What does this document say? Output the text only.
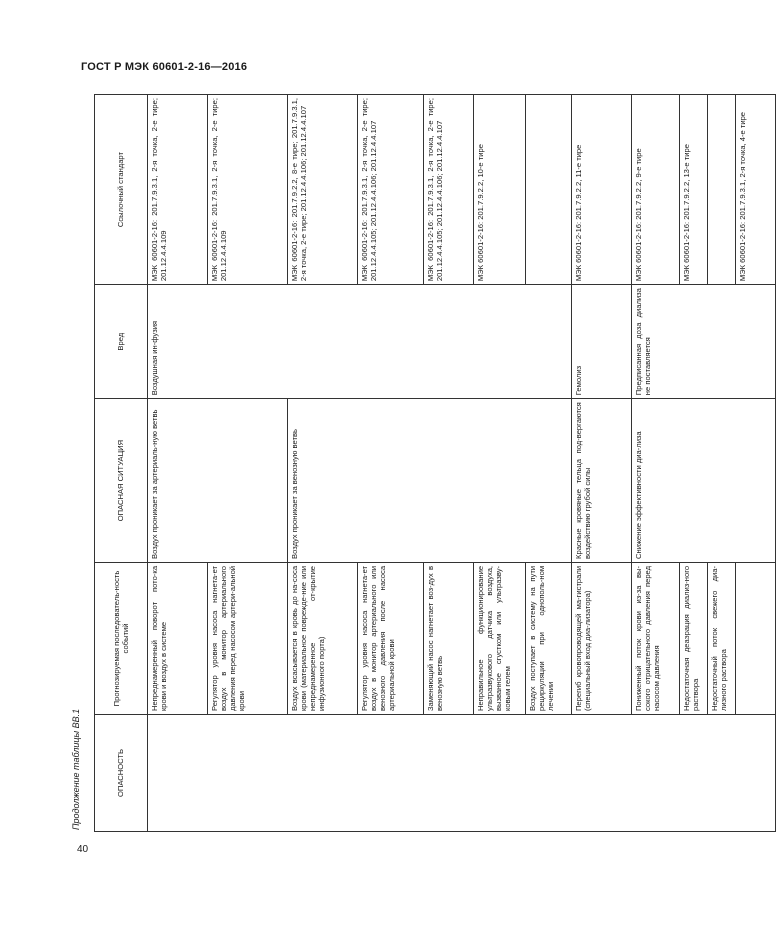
ГОСТ Р МЭК 60601-2-16—2016
Продолжение таблицы ВВ.1
40
ОПАСНОСТЬ	Прогнозируемая последователь-ность событий	ОПАСНАЯ СИТУАЦИЯ	Вред	Ссылочный стандарт
	Непреднамеренный поворот пото-ка крови и воздух в системе	Воздух проникает за артериаль-ную ветвь	Воздушная ин-фузия	МЭК 60601-2-16: 201.7.9.3.1, 2-я точка, 2-е тире; 201.12.4.4.109
	Регулятор уровня насоса нагнета-ет воздух в монитор артериального давления перед насосом артери-альной крови			МЭК 60601-2-16: 201.7.9.3.1, 2-я точка, 2-е тире; 201.12.4.4.109
	Воздух всасывается в кровь до на-соса крови (материальное поврежде-ние или непреднамеренное от-крытие инфузионного порта)	Воздух проникает за венозную ветвь		МЭК 60601-2-16: 201.7.9.2.2, 8-е тире; 201.7.9.3.1, 2-я точка, 2-е тире; 201.12.4.4.106; 201.12.4.4.107
	Регулятор уровня насоса нагнета-ет воздух в монитор артериального или венозного давления после насоса артериальной крови			МЭК 60601-2-16: 201.7.9.3.1, 2-я точка, 2-е тире; 201.12.4.4.105; 201.12.4.4.106; 201.12.4.4.107
	Заменяющий насос нагнетает воз-дух в венозную ветвь			МЭК 60601-2-16: 201.7.9.3.1, 2-я точка, 2-е тире; 201.12.4.4.105; 201.12.4.4.106; 201.12.4.4.107
	Неправильное функционирование ультразвукового датчика воздуха, вызванное сгустком или ультразву-ковым гелем			МЭК 60601-2-16: 201.7.9.2.2, 10-е тире
	Воздух поступает в систему на пути рециркуляции при однополь-ном лечении			
	Перегиб кровопроводящей ма-гистрали (специальный вход диа-лизатора)	Красные кровяные тельца под-вергаются воздействию грубой силы	Гемолиз	МЭК 60601-2-16: 201.7.9.2.2, 11-е тире
	Пониженный поток крови из-за вы-сокого отрицательного давления перед насосом давления	Снижение эффективности диа-лиза	Предписанная доза диализа не поставляется	МЭК 60601-2-16: 201.7.9.2.2, 9-е тире
	Недостаточная деаэрация диализ-ного раствора			МЭК 60601-2-16: 201.7.9.2.2, 13-е тире
	Недостаточный поток свежего диа-лизного раствора			
				МЭК 60601-2-16: 201.7.9.3.1, 2-я точка, 4-е тире
